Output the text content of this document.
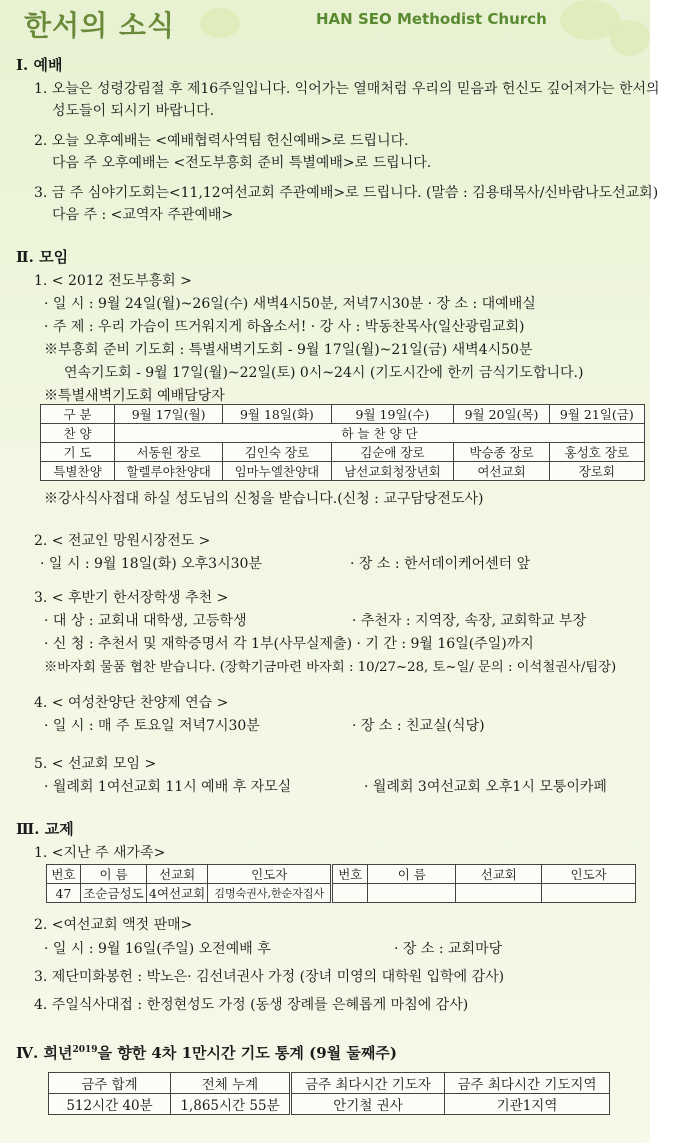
한서의 소식	HAN SEO Methodist Church
Ⅰ. 예배
1. 오늘은 성령강림절 후 제16주일입니다. 익어가는 열매처럼 우리의 믿음과 헌신도 깊어져가는 한서의
성도들이 되시기 바랍니다.
2. 오늘 오후예배는 <예배협력사역팀 헌신예배>로 드립니다.
다음 주 오후예배는 <전도부흥회 준비 특별예배>로 드립니다.
3. 금 주 심야기도회는<11,12여선교회 주관예배>로 드립니다. (말씀 : 김용태목사/신바람나도선교회)
다음 주 : <교역자 주관예배>
Ⅱ. 모임
1. < 2012 전도부흥회 >
· 일 시 : 9월 24일(월)~26일(수) 새벽4시50분, 저녁7시30분 · 장 소 : 대예배실
· 주 제 : 우리 가슴이 뜨거워지게 하옵소서! · 강 사 : 박동찬목사(일산광림교회)
※부흥회 준비 기도회 : 특별새벽기도회 - 9월 17일(월)~21일(금) 새벽4시50분
연속기도회 - 9월 17일(월)~22일(토) 0시~24시 (기도시간에 한끼 금식기도합니다.)
※특별새벽기도회 예배담당자
구 분	9월 17일(월)	9월 18일(화)	9월 19일(수)	9월 20일(목)	9월 21일(금)
찬 양	하 늘 찬 양 단				
기 도	서동원 장로	김인숙 장로	김순애 장로	박승종 장로	홍성호 장로
특별찬양	할렐루야찬양대	임마누엘찬양대	남선교회청장년회	여선교회	장로회
※강사식사접대 하실 성도님의 신청을 받습니다.(신청 : 교구담당전도사)
2. < 전교인 망원시장전도 >
· 일 시 : 9월 18일(화) 오후3시30분	· 장 소 : 한서데이케어센터 앞
3. < 후반기 한서장학생 추천 >
· 대 상 : 교회내 대학생, 고등학생	· 추천자 : 지역장, 속장, 교회학교 부장
· 신 청 : 추천서 및 재학증명서 각 1부(사무실제출) · 기 간 : 9월 16일(주일)까지
※바자회 물품 협찬 받습니다. (장학기금마련 바자회 : 10/27~28, 토~일/ 문의 : 이석철권사/팀장)
4. < 여성찬양단 찬양제 연습 >
· 일 시 : 매 주 토요일 저녁7시30분	· 장 소 : 친교실(식당)
5. < 선교회 모임 >
· 월례회 1여선교회 11시 예배 후 자모실	· 월례회 3여선교회 오후1시 모퉁이카페
Ⅲ. 교제
1. <지난 주 새가족>
번호	이 름	선교회	인도자	번호	이 름	선교회	인도자
47	조순금성도	4여선교회	김명숙권사,한순자집사				
2. <여선교회 액젓 판매>
· 일 시 : 9월 16일(주일) 오전예배 후	· 장 소 : 교회마당
3. 제단미화봉헌 : 박노은· 김선녀권사 가정 (장녀 미영의 대학원 입학에 감사)
4. 주일식사대접 : 한정현성도 가정 (동생 장례를 은혜롭게 마침에 감사)
Ⅳ. 희년$^{2019}$을 향한 4차 1만시간 기도 통계 (9월 둘째주)
금주 합계	전체 누계	금주 최다시간 기도자	금주 최다시간 기도지역
512시간 40분	1,865시간 55분	안기철 권사	기관1지역
